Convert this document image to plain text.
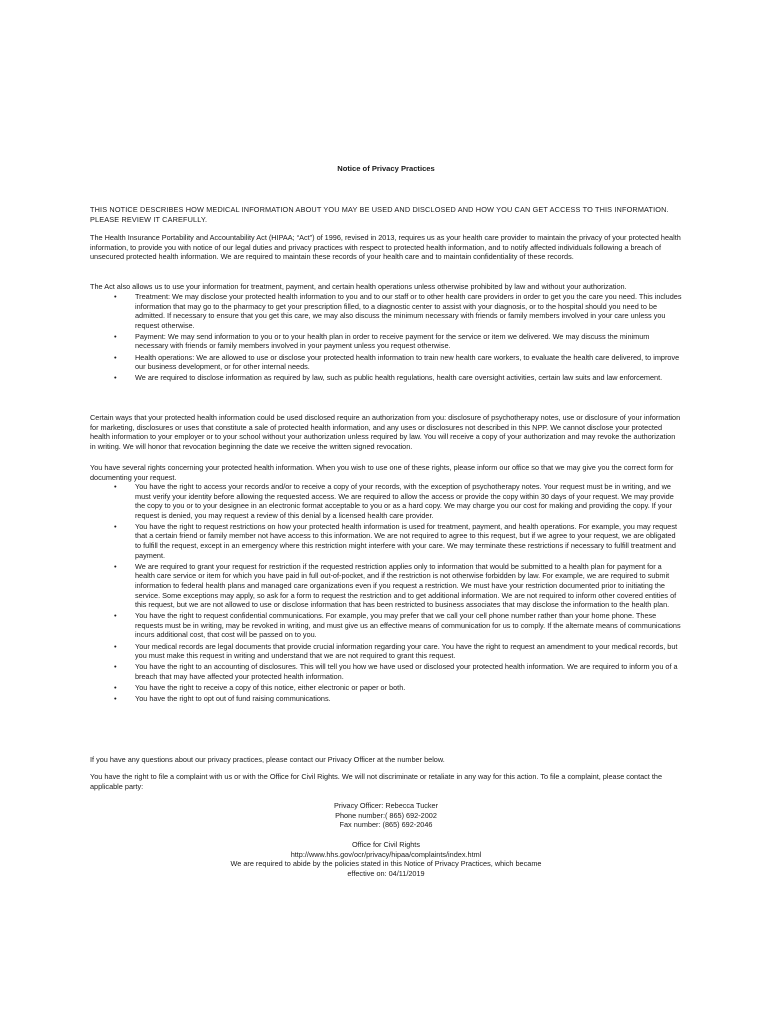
Notice of Privacy Practices

THIS NOTICE DESCRIBES HOW MEDICAL INFORMATION ABOUT YOU MAY BE USED AND DISCLOSED AND HOW YOU CAN GET ACCESS TO THIS INFORMATION. PLEASE REVIEW IT CAREFULLY.

The Health Insurance Portability and Accountability Act (HIPAA; “Act”) of 1996, revised in 2013, requires us as your health care provider to maintain the privacy of your protected health information, to provide you with notice of our legal duties and privacy practices with respect to protected health information, and to notify affected individuals following a breach of unsecured protected health information. We are required to maintain these records of your health care and to maintain confidentiality of these records.

The Act also allows us to use your information for treatment, payment, and certain health operations unless otherwise prohibited by law and without your authorization.

• Treatment: We may disclose your protected health information to you and to our staff or to other health care providers in order to get you the care you need. This includes information that may go to the pharmacy to get your prescription filled, to a diagnostic center to assist with your diagnosis, or to the hospital should you need to be admitted. If necessary to ensure that you get this care, we may also discuss the minimum necessary with friends or family members involved in your care unless you request otherwise.
• Payment: We may send information to you or to your health plan in order to receive payment for the service or item we delivered. We may discuss the minimum necessary with friends or family members involved in your payment unless you request otherwise.
• Health operations: We are allowed to use or disclose your protected health information to train new health care workers, to evaluate the health care delivered, to improve our business development, or for other internal needs.
• We are required to disclose information as required by law, such as public health regulations, health care oversight activities, certain law suits and law enforcement.

Certain ways that your protected health information could be used disclosed require an authorization from you: disclosure of psychotherapy notes, use or disclosure of your information for marketing, disclosures or uses that constitute a sale of protected health information, and any uses or disclosures not described in this NPP. We cannot disclose your protected health information to your employer or to your school without your authorization unless required by law. You will receive a copy of your authorization and may revoke the authorization in writing. We will honor that revocation beginning the date we receive the written signed revocation.

You have several rights concerning your protected health information. When you wish to use one of these rights, please inform our office so that we may give you the correct form for documenting your request.

• You have the right to access your records and/or to receive a copy of your records, with the exception of psychotherapy notes. Your request must be in writing, and we must verify your identity before allowing the requested access. We are required to allow the access or provide the copy within 30 days of your request. We may provide the copy to you or to your designee in an electronic format acceptable to you or as a hard copy. We may charge you our cost for making and providing the copy. If your request is denied, you may request a review of this denial by a licensed health care provider.
• You have the right to request restrictions on how your protected health information is used for treatment, payment, and health operations. For example, you may request that a certain friend or family member not have access to this information. We are not required to agree to this request, but if we agree to your request, we are obligated to fulfill the request, except in an emergency where this restriction might interfere with your care. We may terminate these restrictions if necessary to fulfill treatment and payment.
• We are required to grant your request for restriction if the requested restriction applies only to information that would be submitted to a health plan for payment for a health care service or item for which you have paid in full out-of-pocket, and if the restriction is not otherwise forbidden by law. For example, we are required to submit information to federal health plans and managed care organizations even if you request a restriction. We must have your restriction documented prior to initiating the service. Some exceptions may apply, so ask for a form to request the restriction and to get additional information. We are not required to inform other covered entities of this request, but we are not allowed to use or disclose information that has been restricted to business associates that may disclose the information to the health plan.
• You have the right to request confidential communications. For example, you may prefer that we call your cell phone number rather than your home phone. These requests must be in writing, may be revoked in writing, and must give us an effective means of communication for us to comply. If the alternate means of communications incurs additional cost, that cost will be passed on to you.
• Your medical records are legal documents that provide crucial information regarding your care. You have the right to request an amendment to your medical records, but you must make this request in writing and understand that we are not required to grant this request.
• You have the right to an accounting of disclosures. This will tell you how we have used or disclosed your protected health information. We are required to inform you of a breach that may have affected your protected health information.
• You have the right to receive a copy of this notice, either electronic or paper or both.
• You have the right to opt out of fund raising communications.

If you have any questions about our privacy practices, please contact our Privacy Officer at the number below.

You have the right to file a complaint with us or with the Office for Civil Rights. We will not discriminate or retaliate in any way for this action. To file a complaint, please contact the applicable party:

Privacy Officer: Rebecca Tucker
Phone number:( 865) 692-2002
Fax number: (865) 692-2046
Office for Civil Rights
http://www.hhs.gov/ocr/privacy/hipaa/complaints/index.html
We are required to abide by the policies stated in this Notice of Privacy Practices, which became
effective on: 04/11/2019
